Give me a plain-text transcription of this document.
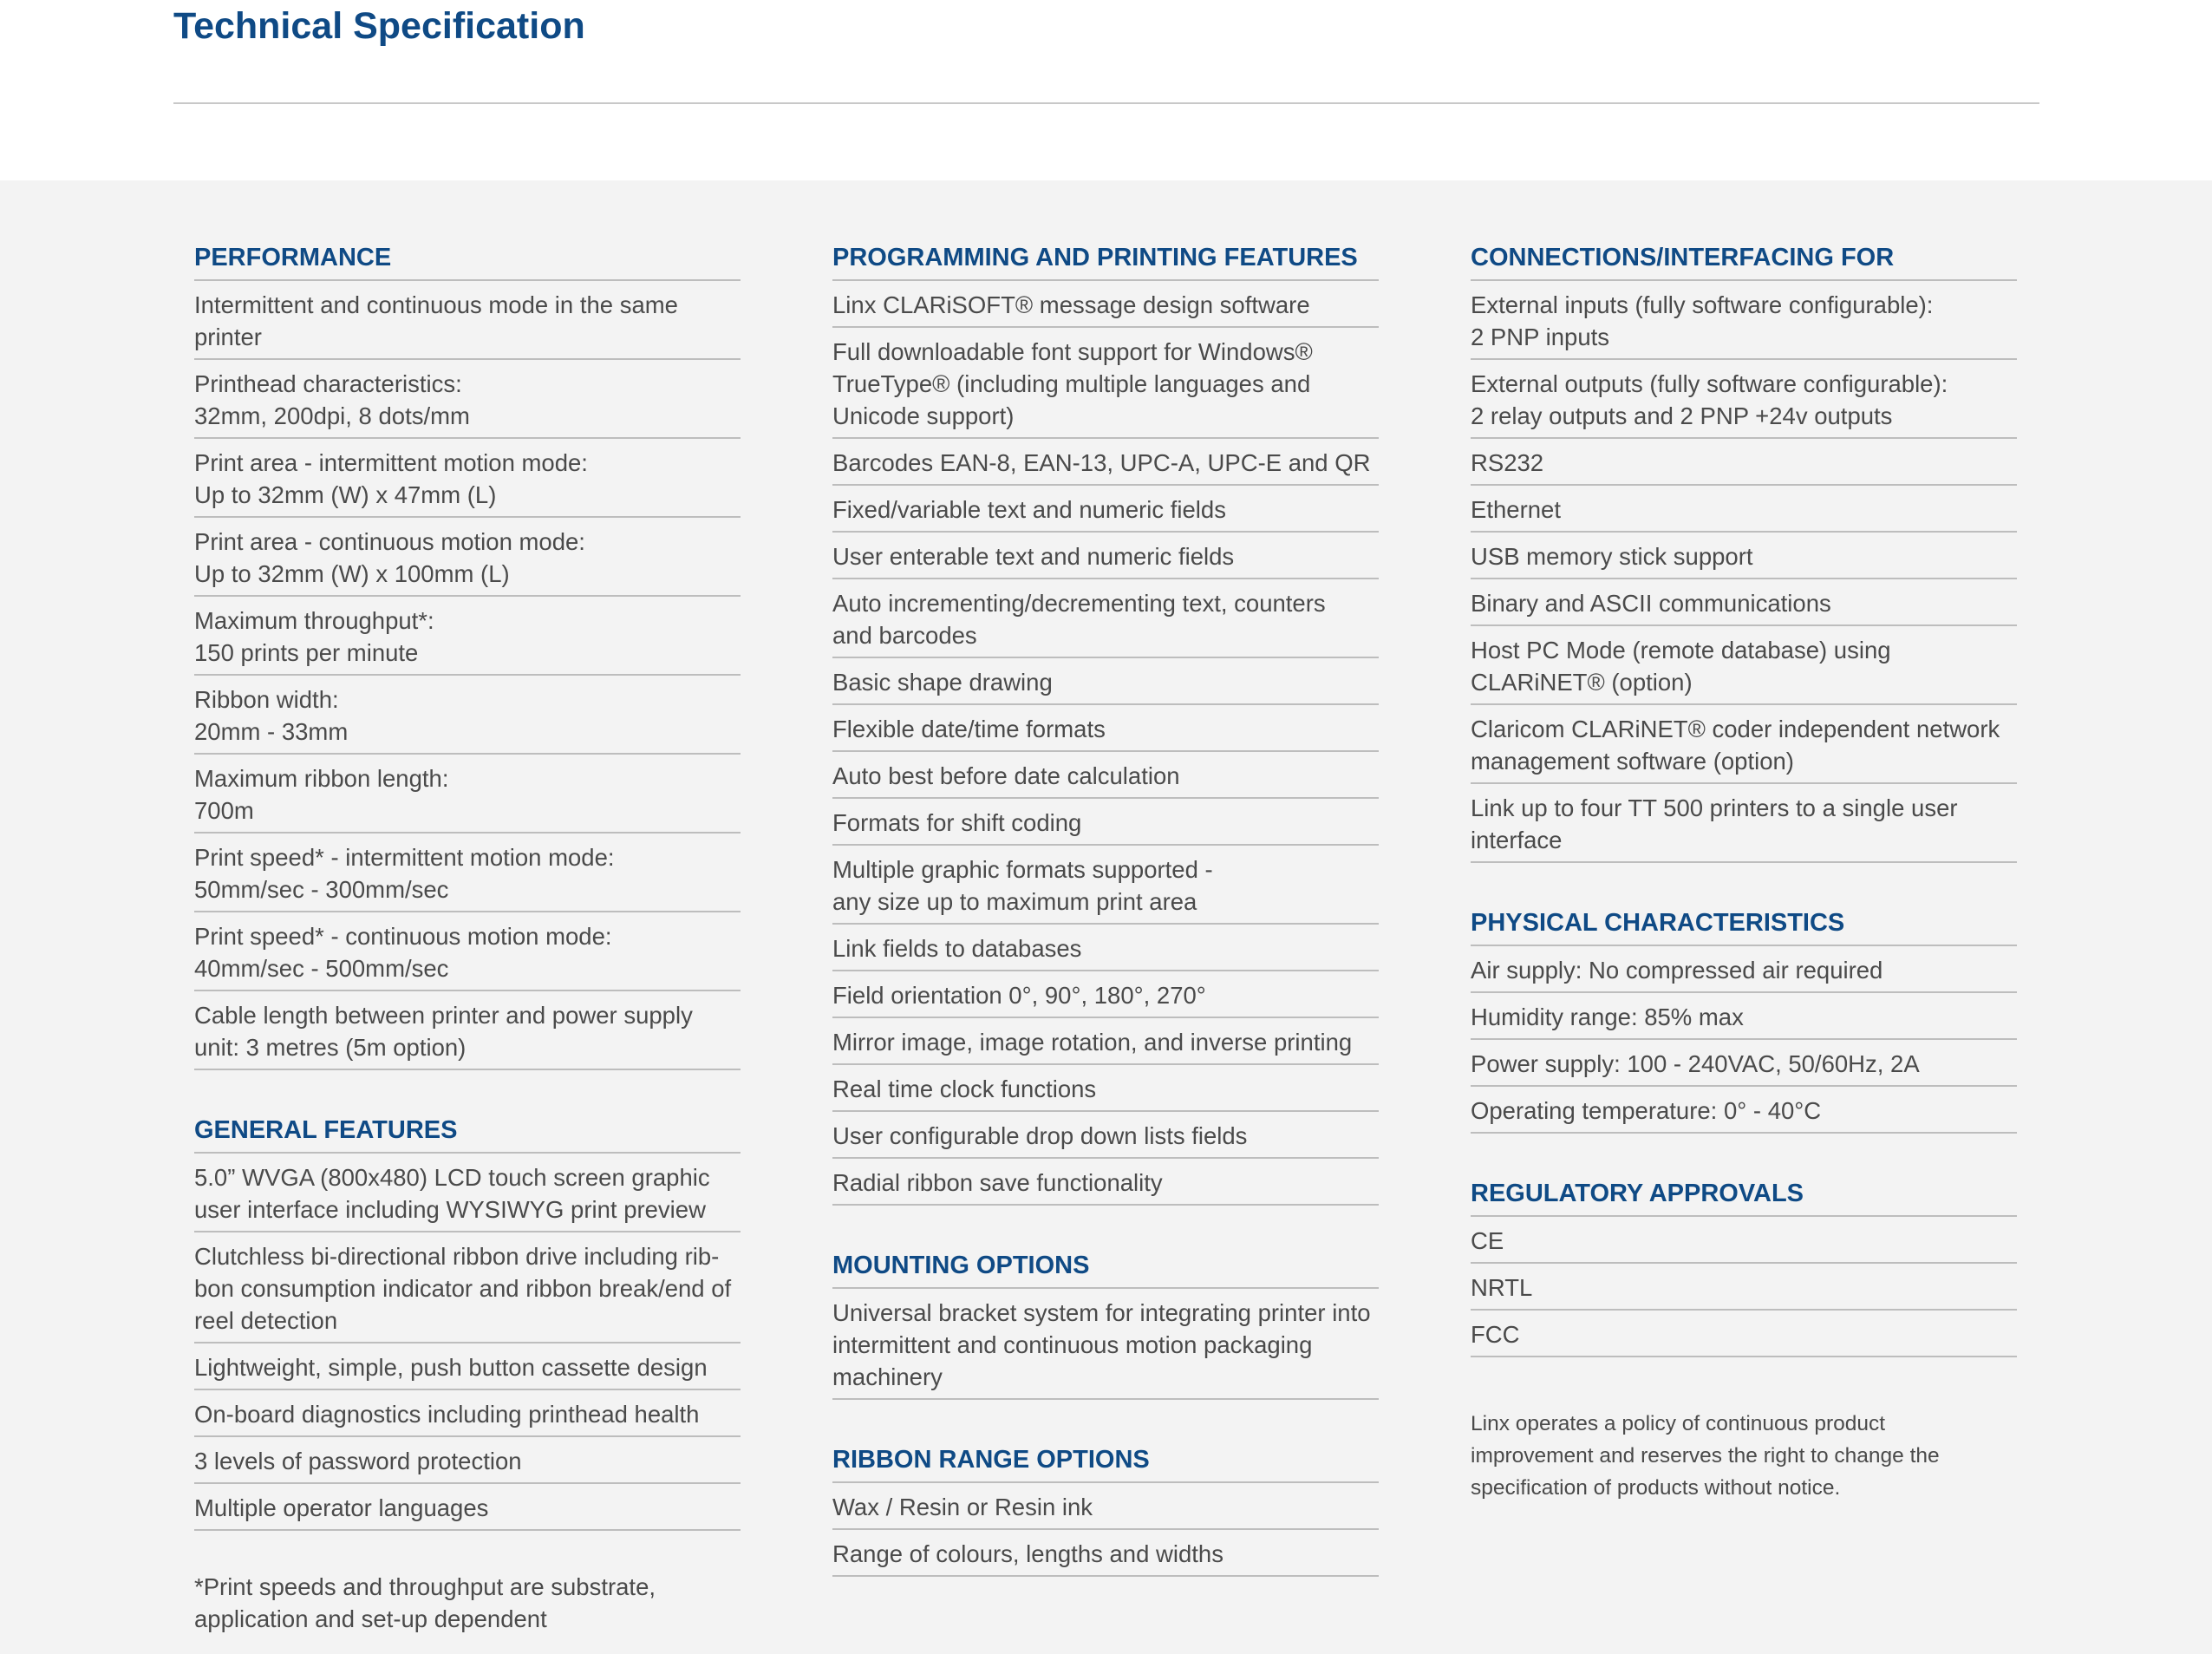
Technical Specification
PERFORMANCE
Intermittent and continuous mode in the same
printer
Printhead characteristics:
32mm, 200dpi, 8 dots/mm
Print area - intermittent motion mode:
Up to 32mm (W) x 47mm (L)
Print area - continuous motion mode:
Up to 32mm (W) x 100mm (L)
Maximum throughput*:
150 prints per minute
Ribbon width:
20mm - 33mm
Maximum ribbon length:
700m
Print speed* - intermittent motion mode:
50mm/sec - 300mm/sec
Print speed* - continuous motion mode:
40mm/sec - 500mm/sec
Cable length between printer and power supply
unit: 3 metres (5m option)
GENERAL FEATURES
5.0” WVGA (800x480) LCD touch screen graphic
user interface including WYSIWYG print preview
Clutchless bi-directional ribbon drive including rib-
bon consumption indicator and ribbon break/end of
reel detection
Lightweight, simple, push button cassette design
On-board diagnostics including printhead health
3 levels of password protection
Multiple operator languages

*Print speeds and throughput are substrate,
application and set-up dependent

PROGRAMMING AND PRINTING FEATURES
Linx CLARiSOFT® message design software
Full downloadable font support for Windows®
TrueType® (including multiple languages and
Unicode support)
Barcodes EAN-8, EAN-13, UPC-A, UPC-E and QR
Fixed/variable text and numeric fields
User enterable text and numeric fields
Auto incrementing/decrementing text, counters
and barcodes
Basic shape drawing
Flexible date/time formats
Auto best before date calculation
Formats for shift coding
Multiple graphic formats supported -
any size up to maximum print area
Link fields to databases
Field orientation 0°, 90°, 180°, 270°
Mirror image, image rotation, and inverse printing
Real time clock functions
User configurable drop down lists fields
Radial ribbon save functionality
MOUNTING OPTIONS
Universal bracket system for integrating printer into
intermittent and continuous motion packaging
machinery
RIBBON RANGE OPTIONS
Wax / Resin or Resin ink
Range of colours, lengths and widths
CONNECTIONS/INTERFACING FOR
External inputs (fully software configurable):
2 PNP inputs
External outputs (fully software configurable):
2 relay outputs and 2 PNP +24v outputs
RS232
Ethernet
USB memory stick support
Binary and ASCII communications
Host PC Mode (remote database) using
CLARiNET® (option)
Claricom CLARiNET® coder independent network
management software (option)
Link up to four TT 500 printers to a single user
interface
PHYSICAL CHARACTERISTICS
Air supply: No compressed air required
Humidity range: 85% max
Power supply: 100 - 240VAC, 50/60Hz, 2A
Operating temperature: 0° - 40°C
REGULATORY APPROVALS
CE
NRTL
FCC

Linx operates a policy of continuous product
improvement and reserves the right to change the
specification of products without notice.
